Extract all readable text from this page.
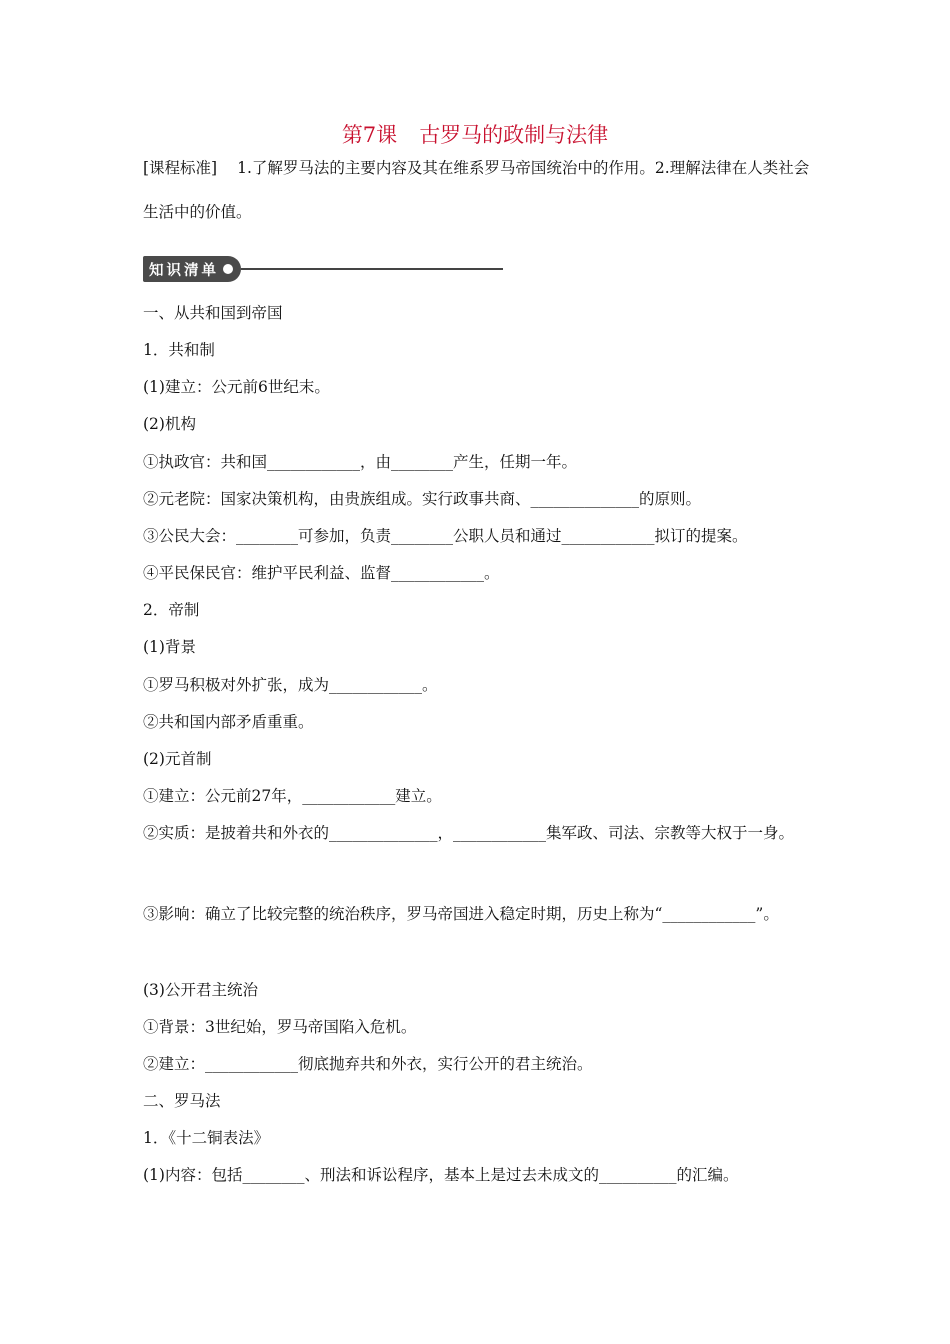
第7课 古罗马的政制与法律
[课程标准] 1.了解罗马法的主要内容及其在维系罗马帝国统治中的作用。2.理解法律在人类社会生活中的价值。
知识清单
一、从共和国到帝国
1．共和制
(1)建立：公元前6世纪末。
(2)机构
①执政官：共和国____________，由________产生，任期一年。
②元老院：国家决策机构，由贵族组成。实行政事共商、______________的原则。
③公民大会：________可参加，负责________公职人员和通过____________拟订的提案。
④平民保民官：维护平民利益、监督____________。
2．帝制
(1)背景
①罗马积极对外扩张，成为____________。
②共和国内部矛盾重重。
(2)元首制
①建立：公元前27年，____________建立。
②实质：是披着共和外衣的______________，____________集军政、司法、宗教等大权于一身。
③影响：确立了比较完整的统治秩序，罗马帝国进入稳定时期，历史上称为“____________”。
(3)公开君主统治
①背景：3世纪始，罗马帝国陷入危机。
②建立：____________彻底抛弃共和外衣，实行公开的君主统治。
二、罗马法
1．《十二铜表法》
(1)内容：包括________、刑法和诉讼程序，基本上是过去未成文的__________的汇编。
